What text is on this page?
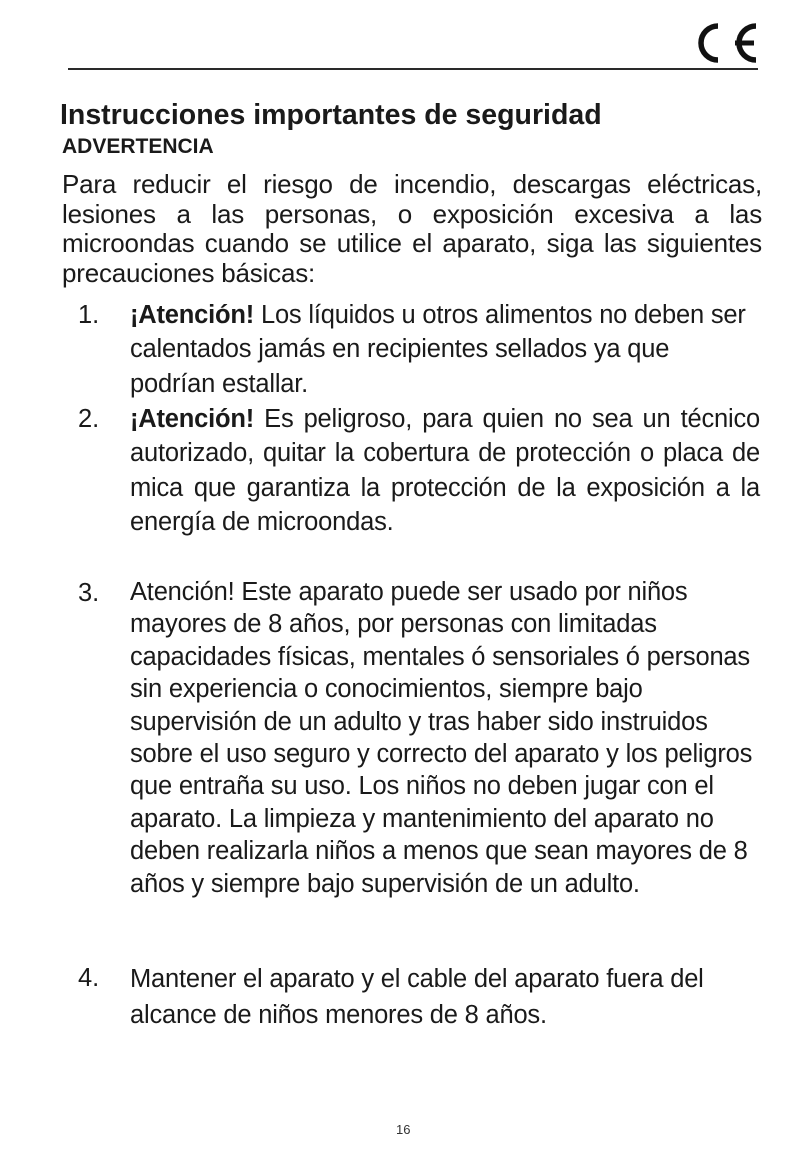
Instrucciones importantes de seguridad
ADVERTENCIA

Para reducir el riesgo de incendio, descargas eléctricas, lesiones a las personas, o exposición excesiva a las microondas cuando se utilice el aparato, siga las siguientes precauciones básicas:

1. ¡Atención! Los líquidos u otros alimentos no deben ser calentados jamás en recipientes sellados ya que podrían estallar.

2. ¡Atención! Es peligroso, para quien no sea un técnico autorizado, quitar la cobertura de protección o placa de mica que garantiza la protección de la exposición a la energía de microondas.

3. Atención! Este aparato puede ser usado por niños mayores de 8 años, por personas con limitadas capacidades físicas, mentales ó sensoriales ó personas sin experiencia o conocimientos, siempre bajo supervisión de un adulto y tras haber sido instruidos sobre el uso seguro y correcto del aparato y los peligros que entraña su uso. Los niños no deben jugar con el aparato. La limpieza y mantenimiento del aparato no deben realizarla niños a menos que sean mayores de 8 años y siempre bajo supervisión de un adulto.

4. Mantener el aparato y el cable del aparato fuera del alcance de niños menores de 8 años.

16
